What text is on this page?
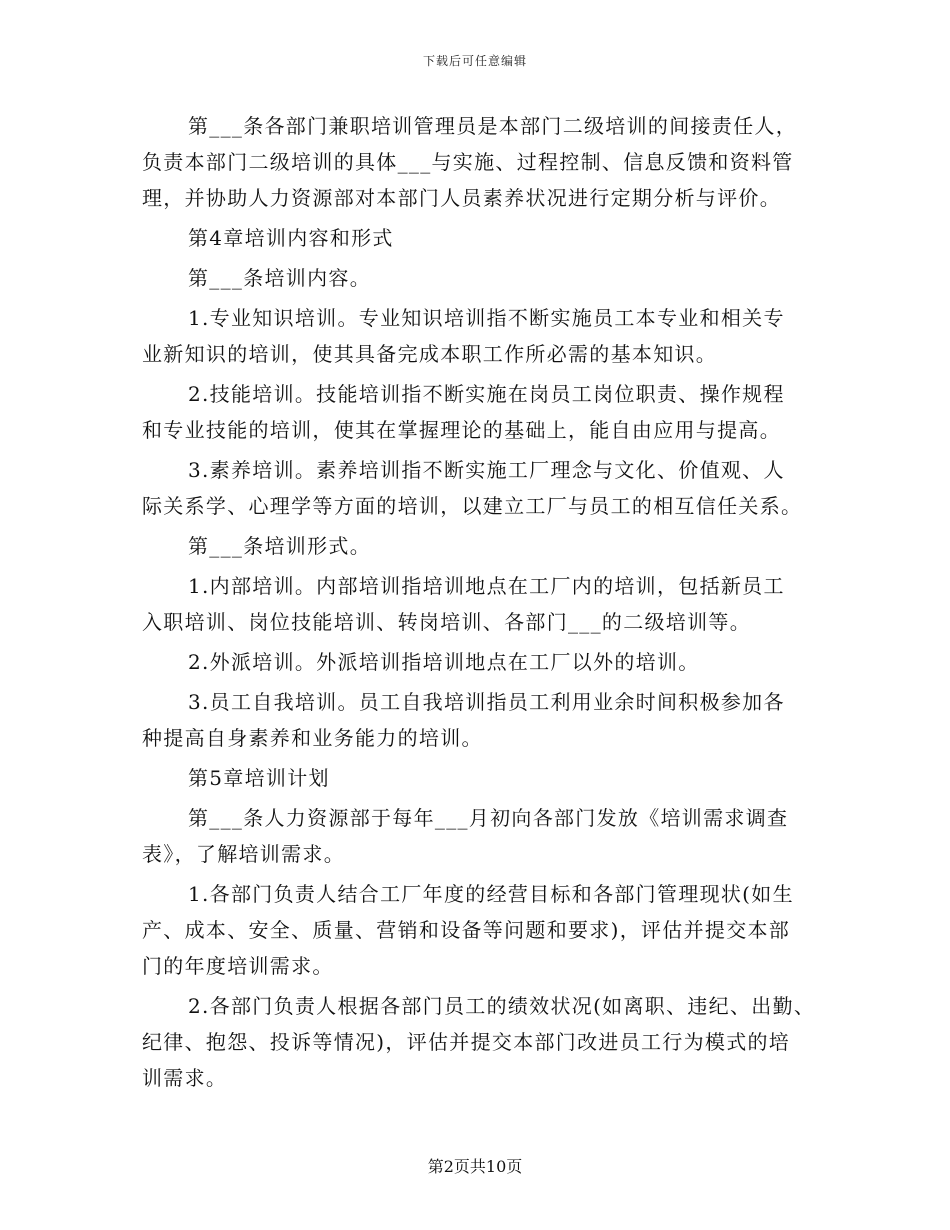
下载后可任意编辑
第___条各部门兼职培训管理员是本部门二级培训的间接责任人，
负责本部门二级培训的具体___与实施、过程控制、信息反馈和资料管
理，并协助人力资源部对本部门人员素养状况进行定期分析与评价。
第4章培训内容和形式
第___条培训内容。
1.专业知识培训。专业知识培训指不断实施员工本专业和相关专
业新知识的培训，使其具备完成本职工作所必需的基本知识。
2.技能培训。技能培训指不断实施在岗员工岗位职责、操作规程
和专业技能的培训，使其在掌握理论的基础上，能自由应用与提高。
3.素养培训。素养培训指不断实施工厂理念与文化、价值观、人
际关系学、心理学等方面的培训，以建立工厂与员工的相互信任关系。
第___条培训形式。
1.内部培训。内部培训指培训地点在工厂内的培训，包括新员工
入职培训、岗位技能培训、转岗培训、各部门___的二级培训等。
2.外派培训。外派培训指培训地点在工厂以外的培训。
3.员工自我培训。员工自我培训指员工利用业余时间积极参加各
种提高自身素养和业务能力的培训。
第5章培训计划
第___条人力资源部于每年___月初向各部门发放《培训需求调查
表》，了解培训需求。
1.各部门负责人结合工厂年度的经营目标和各部门管理现状(如生
产、成本、安全、质量、营销和设备等问题和要求)，评估并提交本部
门的年度培训需求。
2.各部门负责人根据各部门员工的绩效状况(如离职、违纪、出勤、
纪律、抱怨、投诉等情况)，评估并提交本部门改进员工行为模式的培
训需求。
第2页共10页
